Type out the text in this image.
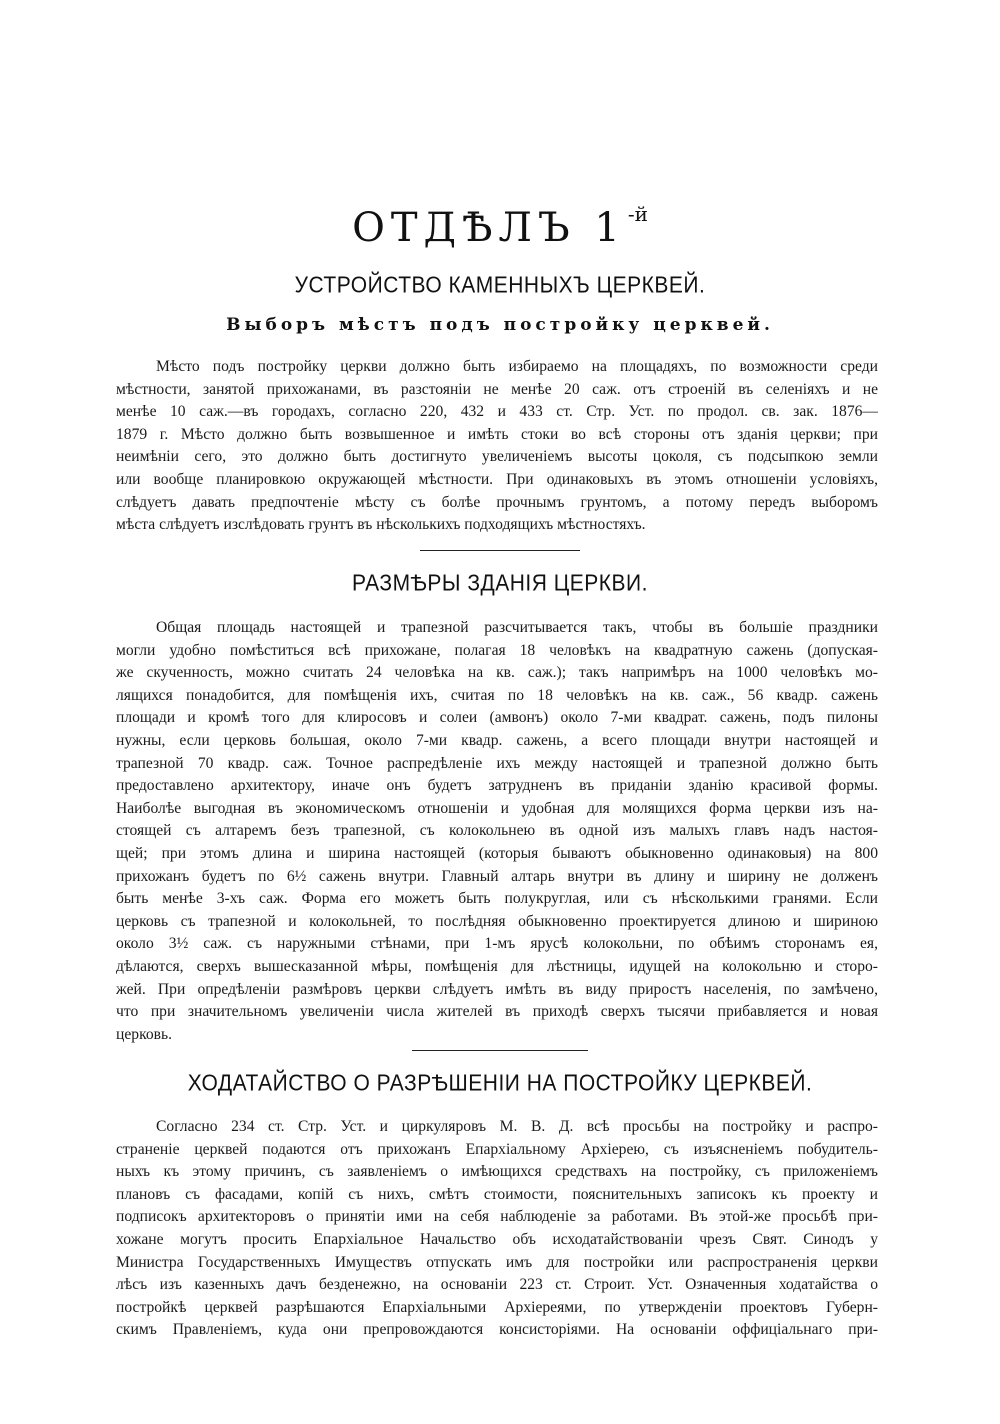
ОТДѢЛЪ 1 $^{-й}$
УСТРОЙСТВО КАМЕННЫХЪ ЦЕРКВЕЙ.
Выборъ мѣстъ подъ постройку церквей.
Мѣсто подъ постройку церкви должно быть избираемо на площадяхъ, по возможности среди
мѣстности, занятой прихожанами, въ разстояніи не менѣе 20 саж. отъ строеній въ селеніяхъ и не
менѣе 10 саж.—въ городахъ, согласно 220, 432 и 433 ст. Стр. Уст. по продол. св. зак. 1876—
1879 г. Мѣсто должно быть возвышенное и имѣть стоки во всѣ стороны отъ зданія церкви; при
неимѣніи сего, это должно быть достигнуто увеличеніемъ высоты цоколя, съ подсыпкою земли
или вообще планировкою окружающей мѣстности. При одинаковыхъ въ этомъ отношеніи условіяхъ,
слѣдуетъ давать предпочтеніе мѣсту съ болѣе прочнымъ грунтомъ, а потому передъ выборомъ
мѣста слѣдуетъ изслѣдовать грунтъ въ нѣсколькихъ подходящихъ мѣстностяхъ.
РАЗМѢРЫ ЗДАНІЯ ЦЕРКВИ.
Общая площадь настоящей и трапезной разсчитывается такъ, чтобы въ большіе праздники
могли удобно помѣститься всѣ прихожане, полагая 18 человѣкъ на квадратную сажень (допуская-
же скученность, можно считать 24 человѣка на кв. саж.); такъ напримѣръ на 1000 человѣкъ мо-
лящихся понадобится, для помѣщенія ихъ, считая по 18 человѣкъ на кв. саж., 56 квадр. сажень
площади и кромѣ того для клиросовъ и солеи (амвонъ) около 7-ми квадрат. сажень, подъ пилоны
нужны, если церковь большая, около 7-ми квадр. сажень, а всего площади внутри настоящей и
трапезной 70 квадр. саж. Точное распредѣленіе ихъ между настоящей и трапезной должно быть
предоставлено архитектору, иначе онъ будетъ затрудненъ въ приданіи зданію красивой формы.
Наиболѣе выгодная въ экономическомъ отношеніи и удобная для молящихся форма церкви изъ на-
стоящей съ алтаремъ безъ трапезной, съ колокольнею въ одной изъ малыхъ главъ надъ настоя-
щей; при этомъ длина и ширина настоящей (которыя бываютъ обыкновенно одинаковыя) на 800
прихожанъ будетъ по 6½ сажень внутри. Главный алтарь внутри въ длину и ширину не долженъ
быть менѣе 3-хъ саж. Форма его можетъ быть полукруглая, или съ нѣсколькими гранями. Если
церковь съ трапезной и колокольней, то послѣдняя обыкновенно проектируется длиною и шириною
около 3½ саж. съ наружными стѣнами, при 1-мъ ярусѣ колокольни, по обѣимъ сторонамъ ея,
дѣлаются, сверхъ вышесказанной мѣры, помѣщенія для лѣстницы, идущей на колокольню и сторо-
жей. При опредѣленіи размѣровъ церкви слѣдуетъ имѣть въ виду приростъ населенія, по замѣчено,
что при значительномъ увеличеніи числа жителей въ приходѣ сверхъ тысячи прибавляется и новая
церковь.
ХОДАТАЙСТВО О РАЗРѢШЕНІИ НА ПОСТРОЙКУ ЦЕРКВЕЙ.
Согласно 234 ст. Стр. Уст. и циркуляровъ М. В. Д. всѣ просьбы на постройку и распро-
страненіе церквей подаются отъ прихожанъ Епархіальному Архіерею, съ изъясненіемъ побудитель-
ныхъ къ этому причинъ, съ заявленіемъ о имѣющихся средствахъ на постройку, съ приложеніемъ
плановъ съ фасадами, копій съ нихъ, смѣтъ стоимости, пояснительныхъ записокъ къ проекту и
подписокъ архитекторовъ о принятіи ими на себя наблюденіе за работами. Въ этой-же просьбѣ при-
хожане могутъ просить Епархіальное Начальство объ исходатайствованіи чрезъ Свят. Синодъ у
Министра Государственныхъ Имуществъ отпускать имъ для постройки или распространенія церкви
лѣсъ изъ казенныхъ дачъ безденежно, на основаніи 223 ст. Строит. Уст. Означенныя ходатайства о
постройкѣ церквей разрѣшаются Епархіальными Архіереями, по утвержденіи проектовъ Губерн-
скимъ Правленіемъ, куда они препровождаются консисторіями. На основаніи оффиціальнаго при-
